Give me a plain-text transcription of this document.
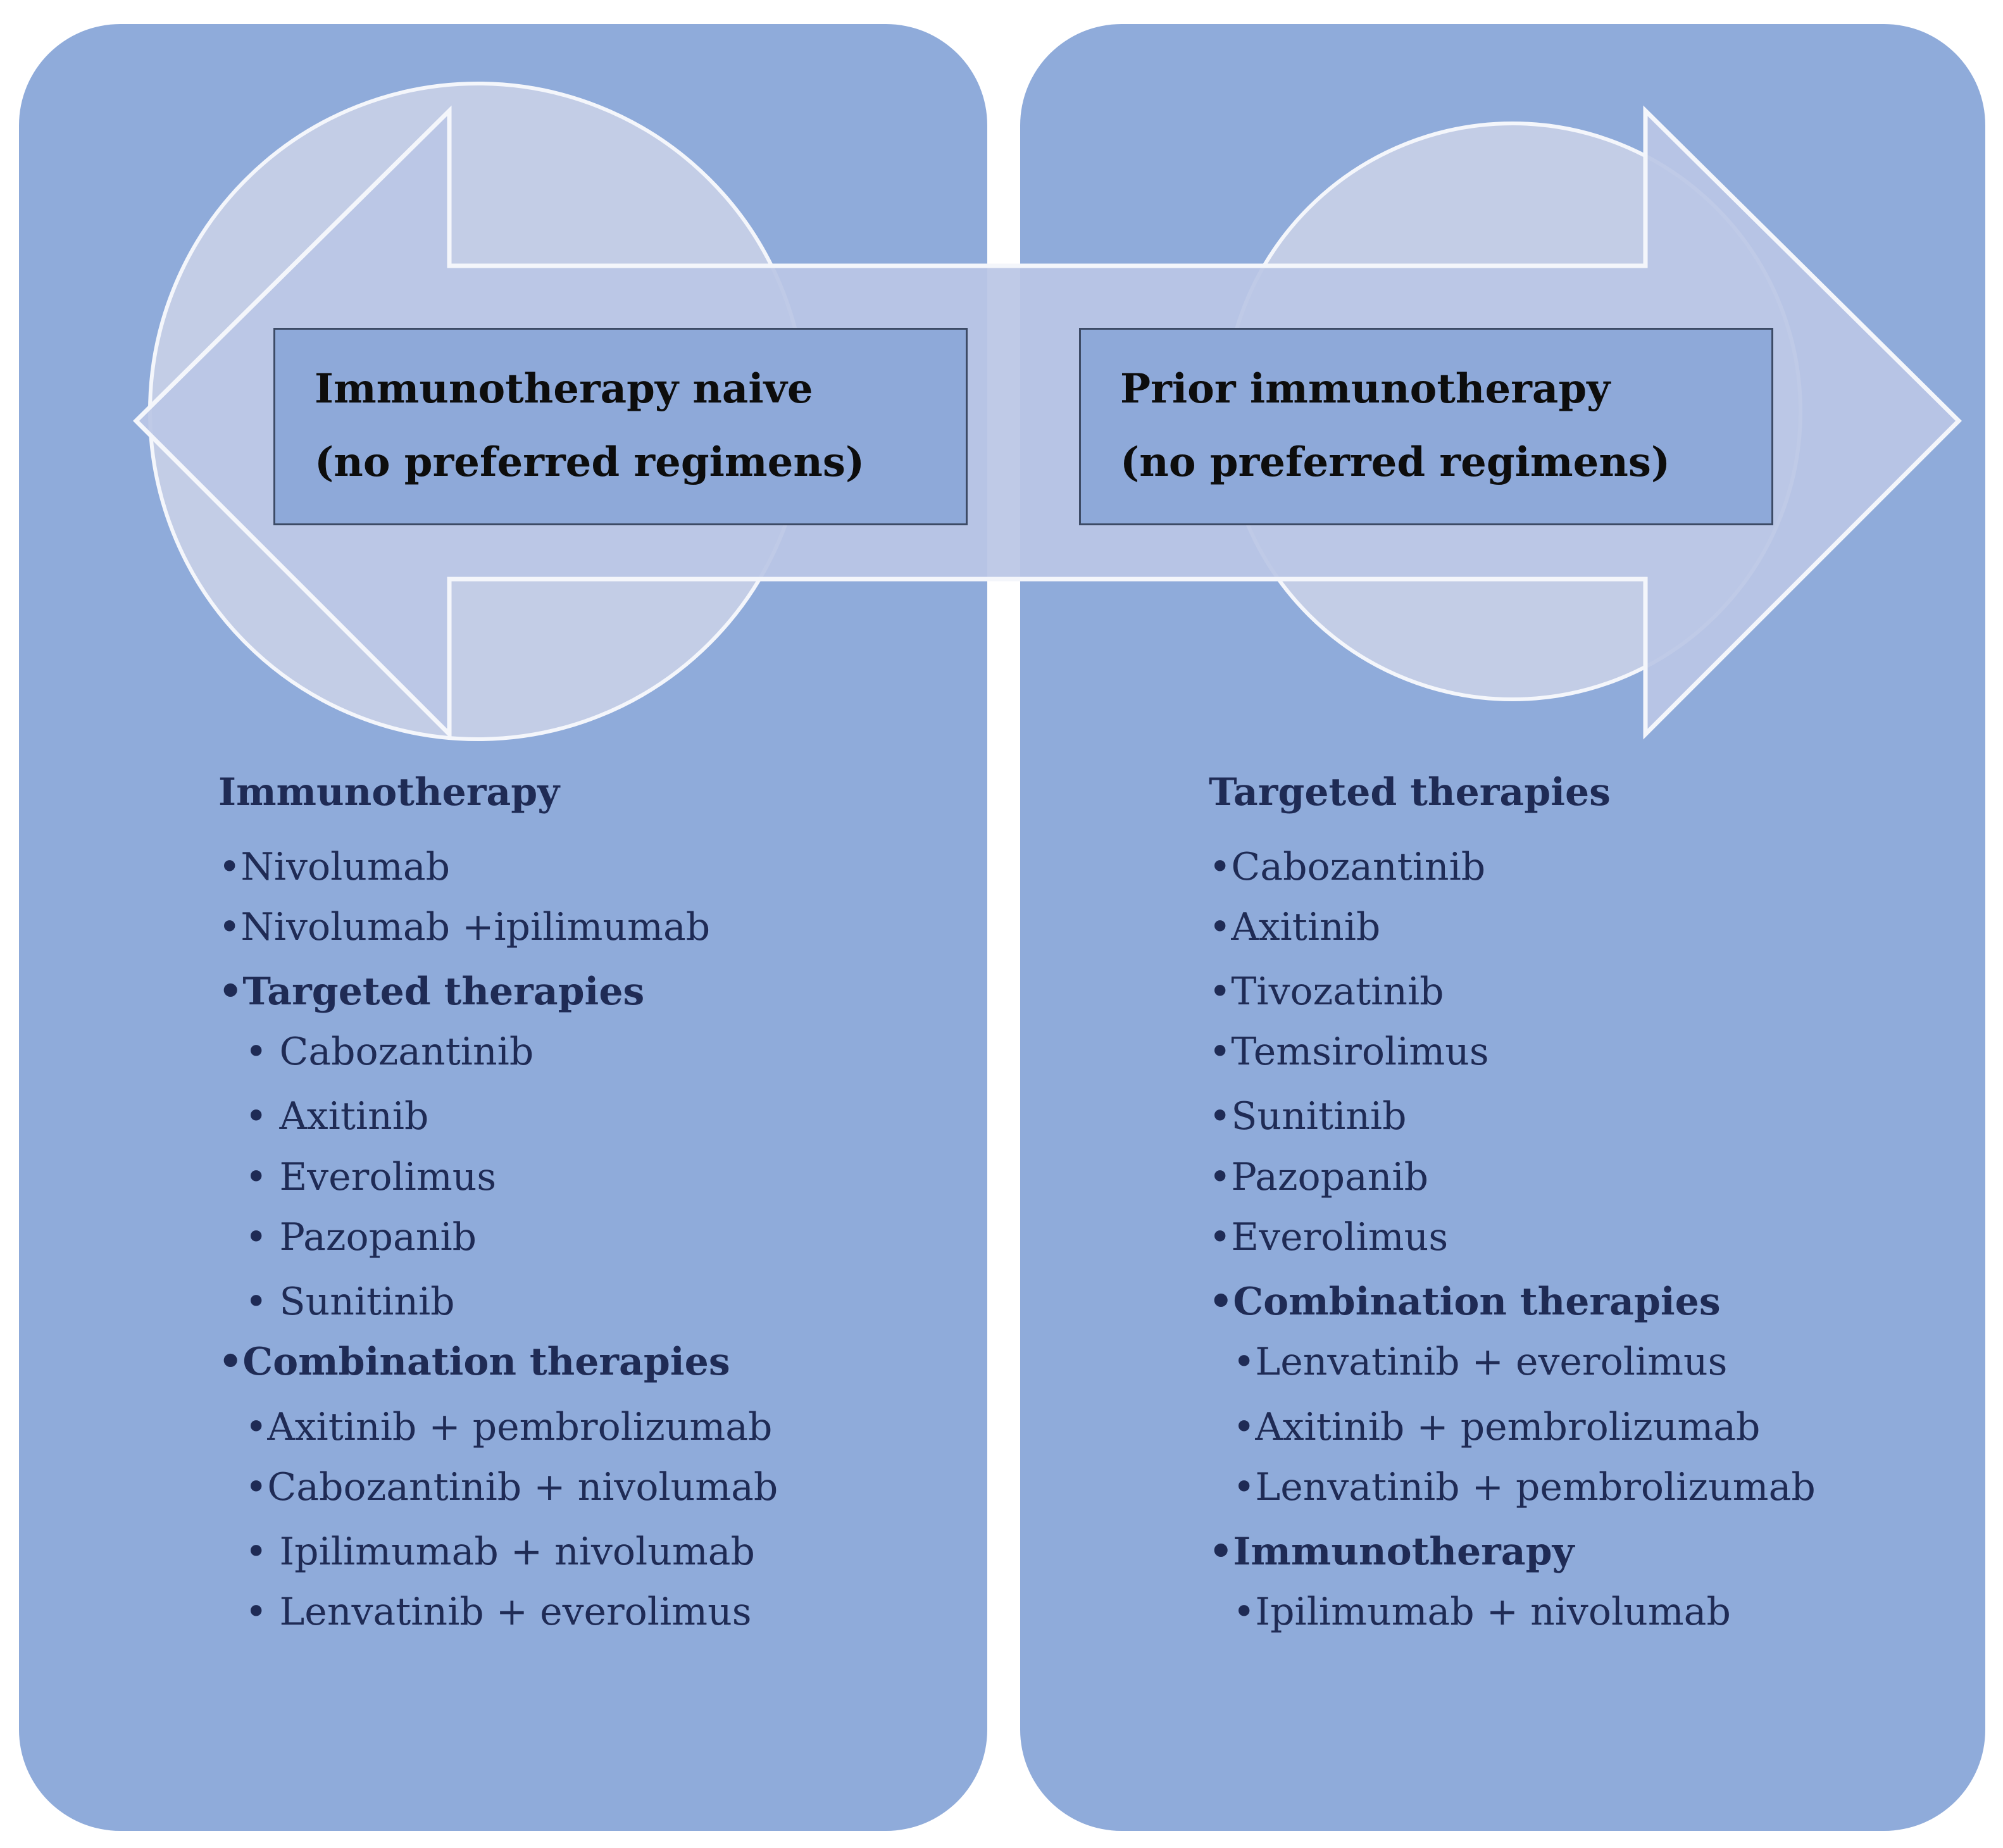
Immunotherapy naive
(no preferred regimens)
Prior immunotherapy
(no preferred regimens)
Immunotherapy
•Nivolumab
•Nivolumab +ipilimumab
•Targeted therapies
• Cabozantinib
• Axitinib
• Everolimus
• Pazopanib
• Sunitinib
•Combination therapies
•Axitinib + pembrolizumab
•Cabozantinib + nivolumab
• Ipilimumab + nivolumab
• Lenvatinib + everolimus
Targeted therapies
•Cabozantinib
•Axitinib
•Tivozatinib
•Temsirolimus
•Sunitinib
•Pazopanib
•Everolimus
•Combination therapies
•Lenvatinib + everolimus
•Axitinib + pembrolizumab
•Lenvatinib + pembrolizumab
•Immunotherapy
•Ipilimumab + nivolumab
